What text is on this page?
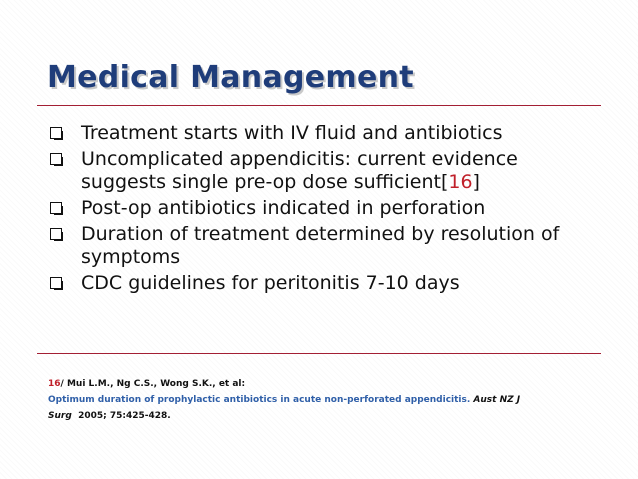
Medical Management
Treatment starts with IV fluid and antibiotics
Uncomplicated appendicitis: current evidence suggests single pre-op dose sufficient[16]
Post-op antibiotics indicated in perforation
Duration of treatment determined by resolution of symptoms
CDC guidelines for peritonitis 7-10 days
16/ Mui L.M., Ng C.S., Wong S.K., et al:
Optimum duration of prophylactic antibiotics in acute non-perforated appendicitis. Aust NZ J
Surg 2005; 75:425-428.
